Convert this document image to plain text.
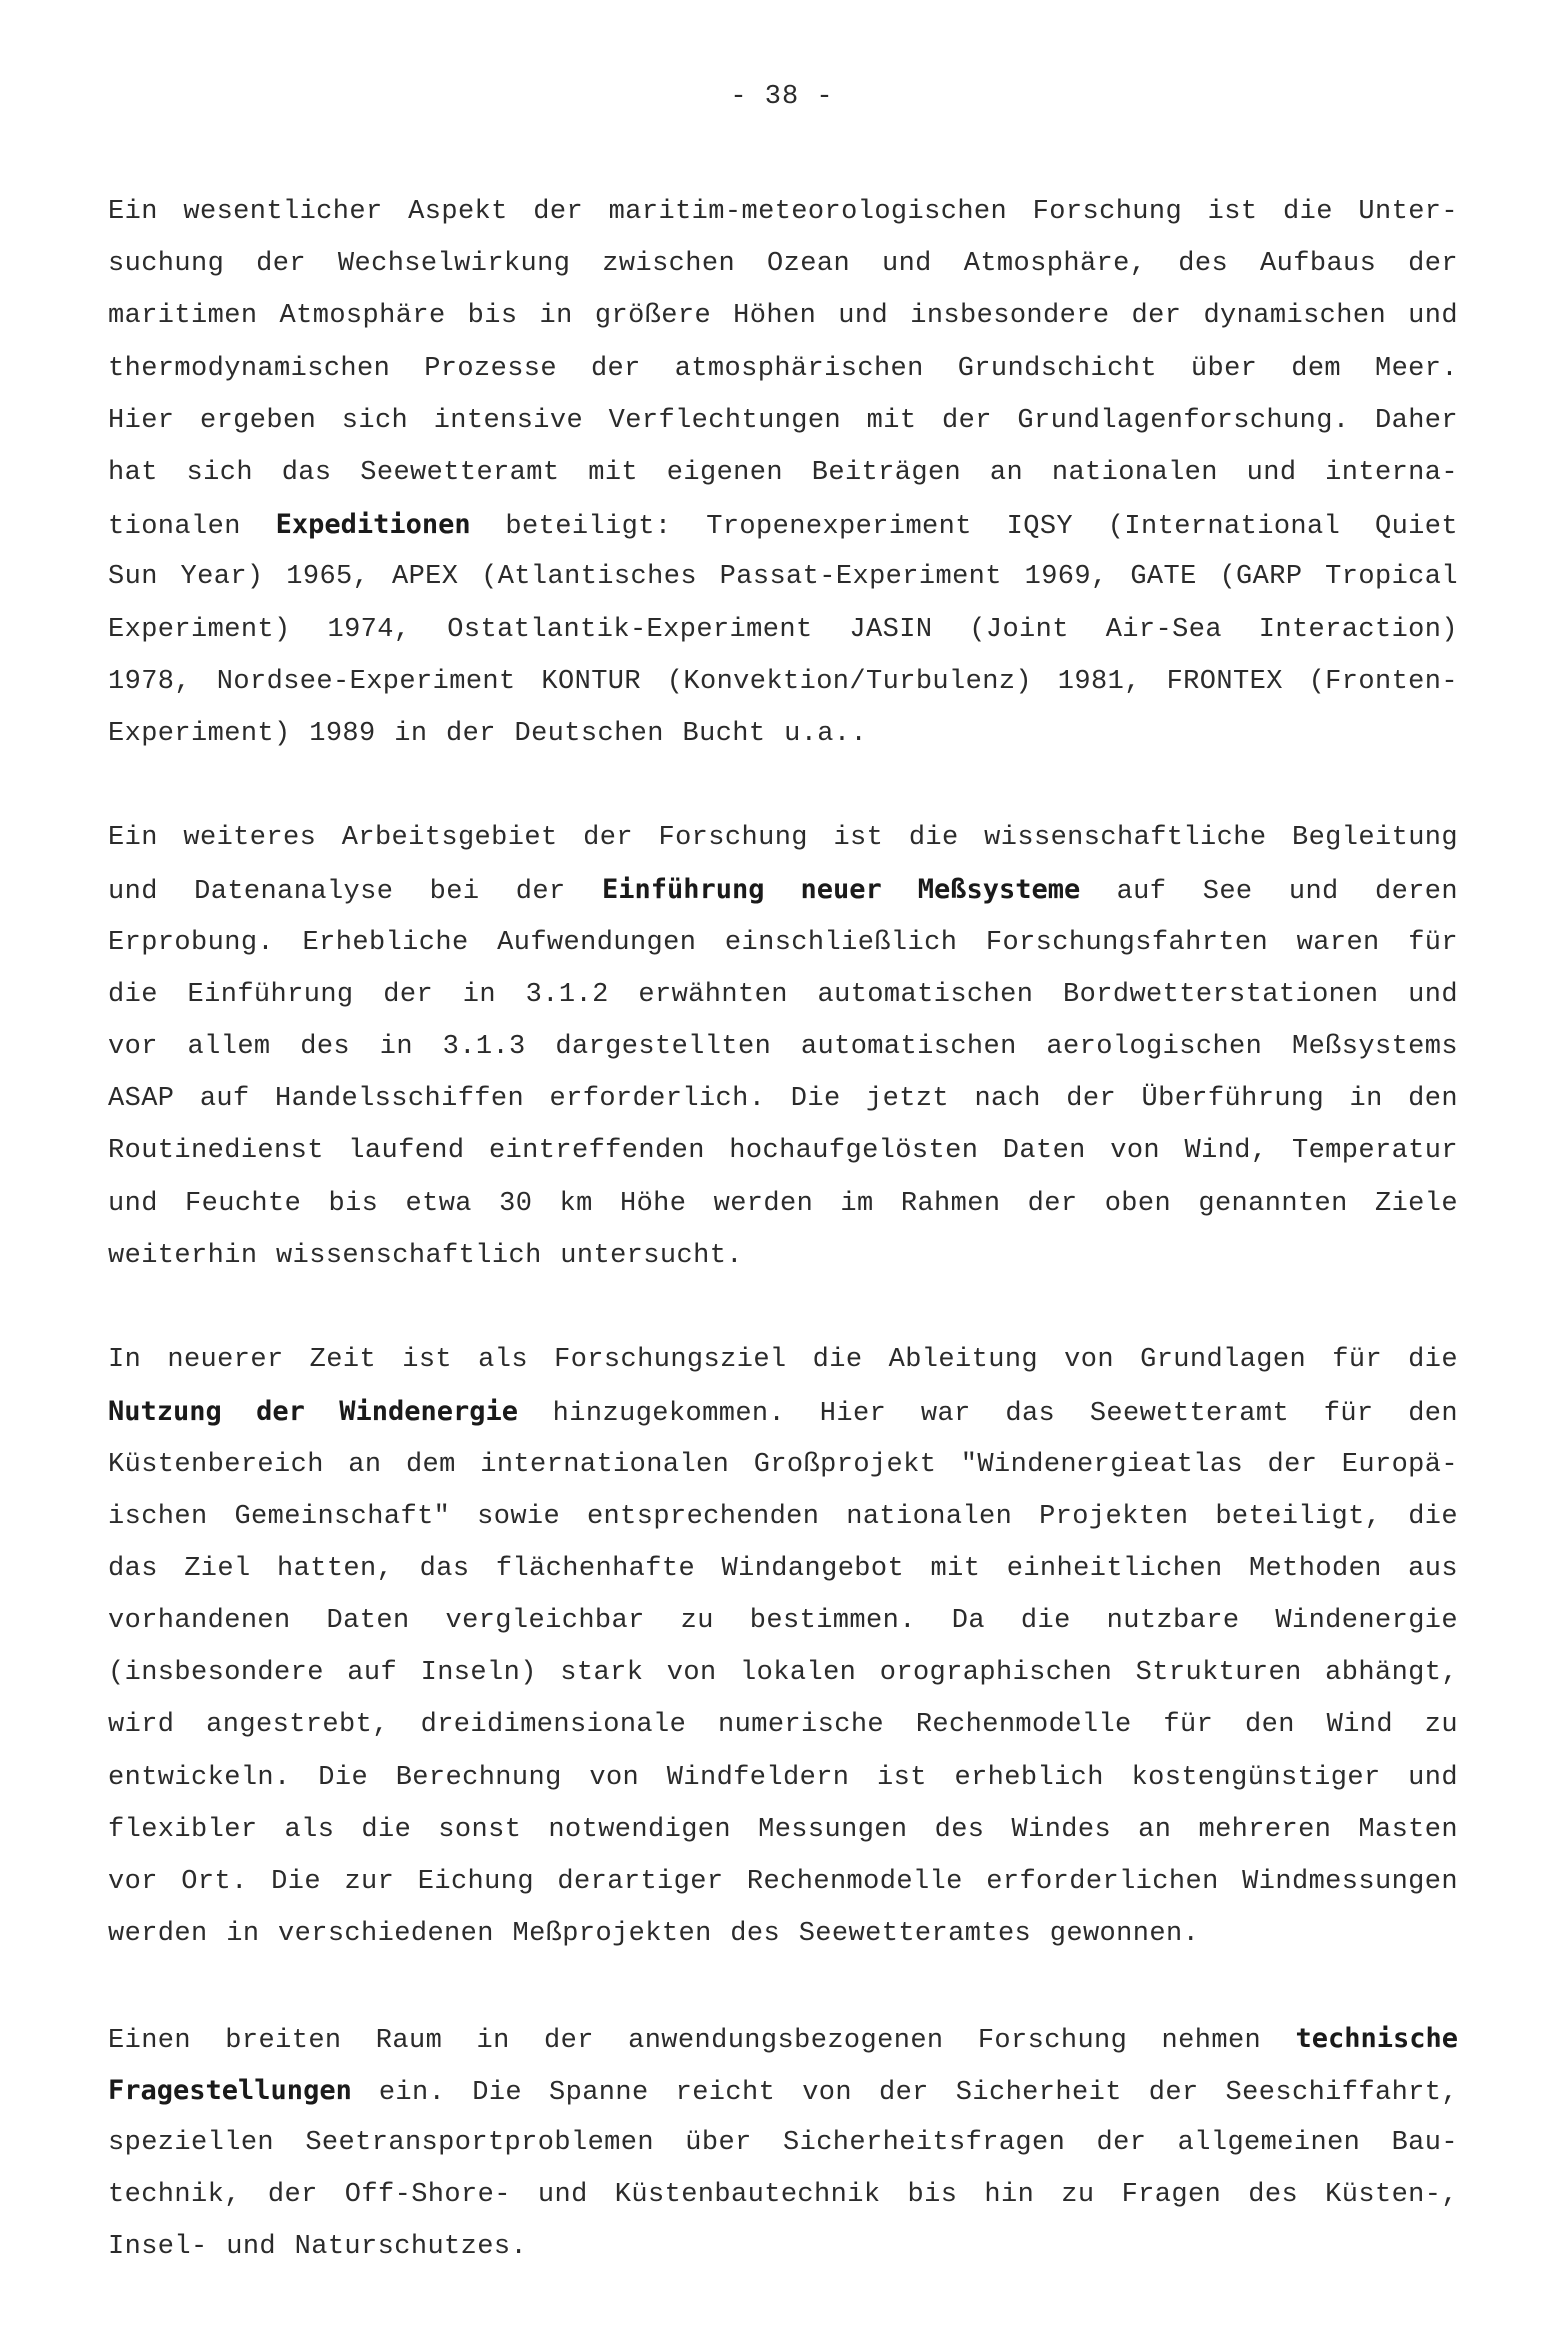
- 38 -
Ein wesentlicher Aspekt der maritim-meteorologischen Forschung ist die Unter-
suchung der Wechselwirkung zwischen Ozean und Atmosphäre, des Aufbaus der
maritimen Atmosphäre bis in größere Höhen und insbesondere der dynamischen und
thermodynamischen Prozesse der atmosphärischen Grundschicht über dem Meer.
Hier ergeben sich intensive Verflechtungen mit der Grundlagenforschung. Daher
hat sich das Seewetteramt mit eigenen Beiträgen an nationalen und interna-
tionalen Expeditionen beteiligt: Tropenexperiment IQSY (International Quiet
Sun Year) 1965, APEX (Atlantisches Passat-Experiment 1969, GATE (GARP Tropical
Experiment) 1974, Ostatlantik-Experiment JASIN (Joint Air-Sea Interaction)
1978, Nordsee-Experiment KONTUR (Konvektion/Turbulenz) 1981, FRONTEX (Fronten-
Experiment) 1989 in der Deutschen Bucht u.a..
Ein weiteres Arbeitsgebiet der Forschung ist die wissenschaftliche Begleitung
und Datenanalyse bei der Einführung neuer Meßsysteme auf See und deren
Erprobung. Erhebliche Aufwendungen einschließlich Forschungsfahrten waren für
die Einführung der in 3.1.2 erwähnten automatischen Bordwetterstationen und
vor allem des in 3.1.3 dargestellten automatischen aerologischen Meßsystems
ASAP auf Handelsschiffen erforderlich. Die jetzt nach der Überführung in den
Routinedienst laufend eintreffenden hochaufgelösten Daten von Wind, Temperatur
und Feuchte bis etwa 30 km Höhe werden im Rahmen der oben genannten Ziele
weiterhin wissenschaftlich untersucht.
In neuerer Zeit ist als Forschungsziel die Ableitung von Grundlagen für die
Nutzung der Windenergie hinzugekommen. Hier war das Seewetteramt für den
Küstenbereich an dem internationalen Großprojekt "Windenergieatlas der Europä-
ischen Gemeinschaft" sowie entsprechenden nationalen Projekten beteiligt, die
das Ziel hatten, das flächenhafte Windangebot mit einheitlichen Methoden aus
vorhandenen Daten vergleichbar zu bestimmen. Da die nutzbare Windenergie
(insbesondere auf Inseln) stark von lokalen orographischen Strukturen abhängt,
wird angestrebt, dreidimensionale numerische Rechenmodelle für den Wind zu
entwickeln. Die Berechnung von Windfeldern ist erheblich kostengünstiger und
flexibler als die sonst notwendigen Messungen des Windes an mehreren Masten
vor Ort. Die zur Eichung derartiger Rechenmodelle erforderlichen Windmessungen
werden in verschiedenen Meßprojekten des Seewetteramtes gewonnen.
Einen breiten Raum in der anwendungsbezogenen Forschung nehmen technische
Fragestellungen ein. Die Spanne reicht von der Sicherheit der Seeschiffahrt,
speziellen Seetransportproblemen über Sicherheitsfragen der allgemeinen Bau-
technik, der Off-Shore- und Küstenbautechnik bis hin zu Fragen des Küsten-,
Insel- und Naturschutzes.
